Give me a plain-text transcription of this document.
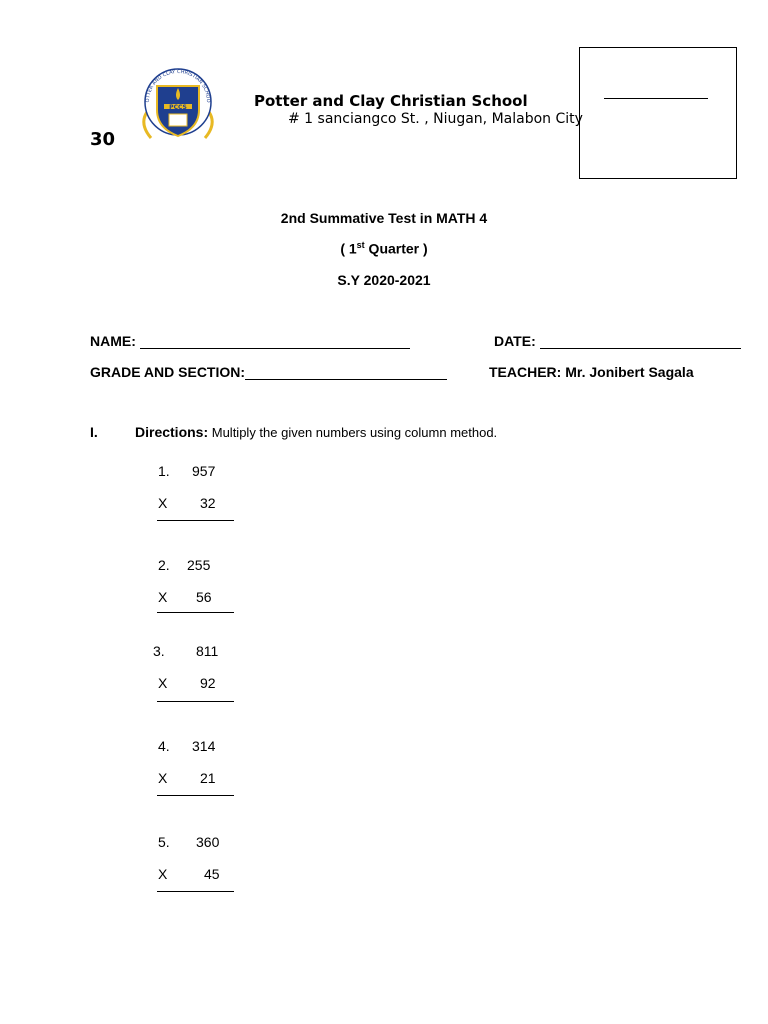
30
PCCS
OTTER AND CLAY CHRISTIAN SCHOO	Potter and Clay Christian School
# 1 sanciangco St. , Niugan, Malabon City
2nd Summative Test in MATH 4
( 1st Quarter )
S.Y 2020-2021
NAME:	DATE:
GRADE AND SECTION:	TEACHER: Mr. Jonibert Sagala
I.	Directions: Multiply the given numbers using column method.
1. 957
X 32
2. 255
X 56
3. 811
X 92
4. 314
X 21
5. 360
X	45
